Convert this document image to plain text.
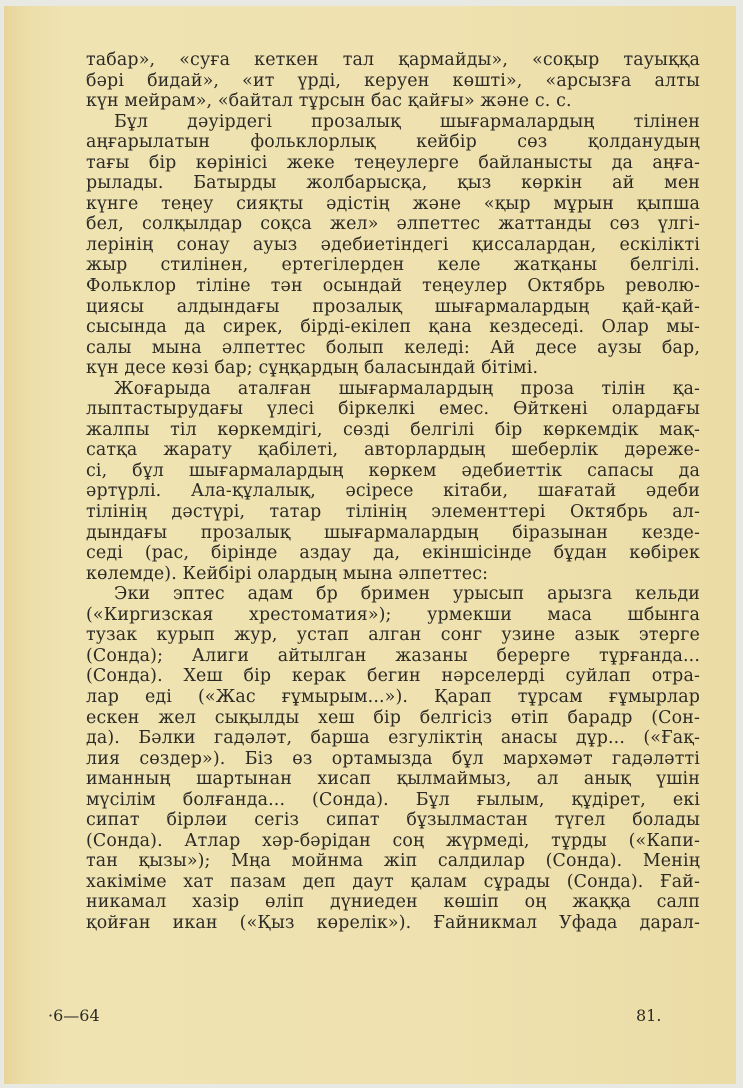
табар», «суға кеткен тал қармайды», «соқыр тауыққа
бәрі бидай», «ит үрді, керуен көшті», «арсызға алты
күн мейрам», «байтал тұрсын бас қайғы» және с. с.
Бұл дәуірдегі прозалық шығармалардың тілінен
аңғарылатын фольклорлық кейбір сөз қолданудың
тағы бір көрінісі жеке теңеулерге байланысты да аңға-
рылады. Батырды жолбарысқа, қыз көркін ай мен
күнге теңеу сияқты әдістің және «қыр мұрын қыпша
бел, солқылдар соқса жел» әлпеттес жаттанды сөз үлгі-
лерінің сонау ауыз әдебиетіндегі қиссалардан, ескілікті
жыр стилінен, ертегілерден келе жатқаны белгілі.
Фольклор тіліне тән осындай теңеулер Октябрь револю-
циясы алдындағы прозалық шығармалардың қай-қай-
сысында да сирек, бірді-екілеп қана кездеседі. Олар мы-
салы мына әлпеттес болып келеді: Ай десе аузы бар,
күн десе көзі бар; сұңқардың баласындай бітімі.
Жоғарыда аталған шығармалардың проза тілін қа-
лыптастырудағы үлесі біркелкі емес. Өйткені олардағы
жалпы тіл көркемдігі, сөзді белгілі бір көркемдік мақ-
сатқа жарату қабілеті, авторлардың шеберлік дәреже-
сі, бұл шығармалардың көркем әдебиеттік сапасы да
әртүрлі. Ала-құлалық, әсіресе кітаби, шағатай әдеби
тілінің дәстүрі, татар тілінің элементтері Октябрь ал-
дындағы прозалық шығармалардың біразынан кезде-
седі (рас, бірінде аздау да, екіншісінде бұдан көбірек
көлемде). Кейбірі олардың мына әлпеттес:
Эки эптес адам бр бримен урысып арызга кельди
(«Киргизская хрестоматия»); урмекши маса шбынга
тузак курып жур, устап алган сонг узине азык этерге
(Сонда); Алиги айтылган жазаны берерге тұрғанда...
(Сонда). Хеш бір керак бегин нәрселерді суйлап отра-
лар еді («Жас ғұмырым...»). Қарап тұрсам ғұмырлар
ескен жел сықылды хеш бір белгісіз өтіп барадр (Сон-
да). Бәлки гадәләт, барша езгуліктің анасы дұр... («Ғақ-
лия сөздер»). Біз өз ортамызда бұл мархәмәт гадәләтті
иманның шартынан хисап қылмаймыз, ал анық үшін
мүсілім болғанда... (Сонда). Бұл ғылым, құдірет, екі
сипат бірләи сегіз сипат бұзылмастан түгел болады
(Сонда). Атлар хәр-бәрідан соң жүрмеді, тұрды («Капи-
тан қызы»); Мңа мойнма жіп салдилар (Сонда). Менің
хакіміме хат пазам деп даут қалам сұрады (Сонда). Ғай-
никамал хазір өліп дүниеден көшіп оң жаққа салп
қойған икан («Қыз көрелік»). Ғайникмал Уфада дарал-
·6—64	81.
